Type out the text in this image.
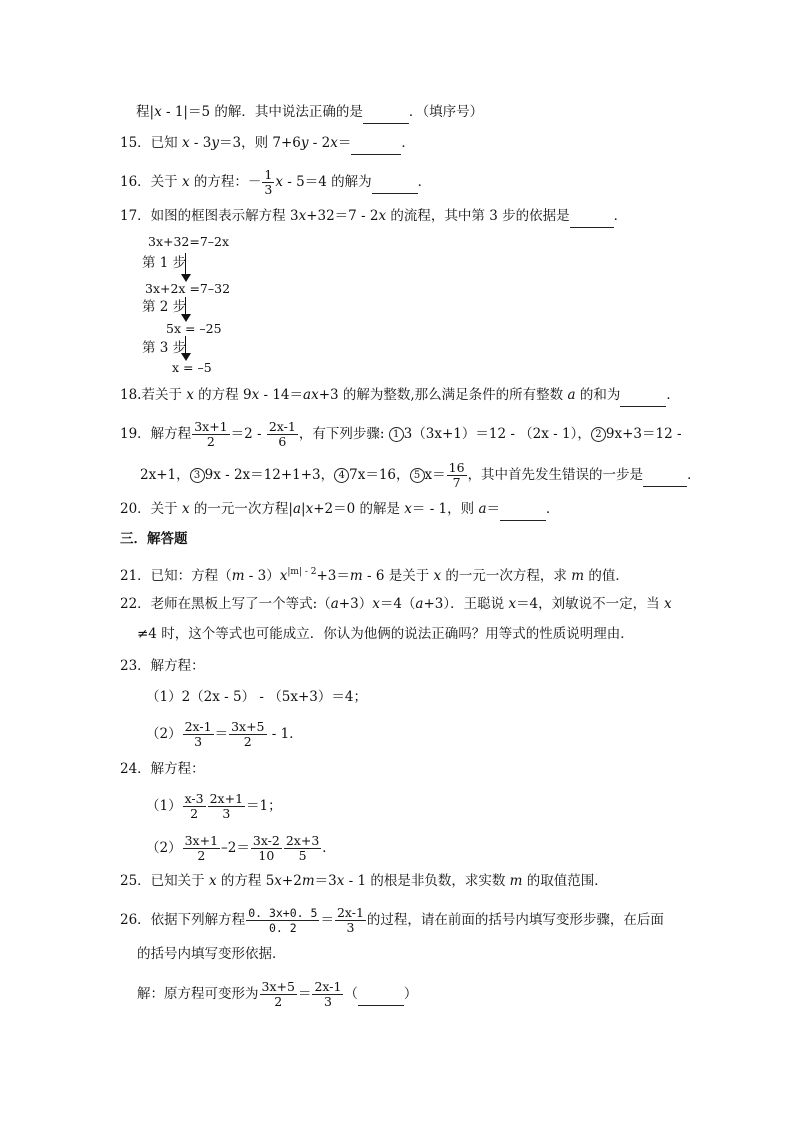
程|x - 1|＝5 的解．其中说法正确的是	．（填序号）
15．已知 x - 3y＝3，则 7+6y - 2x＝	．
16．关于 x 的方程：－ $\frac{1}{3}$ x - 5＝4 的解为	．
17．如图的框图表示解方程 3x+32＝7 - 2x 的流程，其中第 3 步的依据是	．
3x+32=7–2x
第 1 步
3x+2x =7–32
第 2 步
5x = –25
第 3 步
x = –5
18.若关于 x 的方程 9x - 14＝ax+3 的解为整数,那么满足条件的所有整数 a 的和为	．
19．解方程 $\frac{3x+1}{2} =2 - \frac{2x-1}{6}$ ，有下列步骤: 1 3（3x+1）＝12 - （2x - 1）， 2 9x+3＝12 -
2x+1， 3 9x - 2x＝12+1+3， 4 7x＝16， 5 $x= \frac{16}{7}$ ，其中首先发生错误的一步是	．
20．关于 x 的一元一次方程|a|x+2＝0 的解是 x＝ - 1，则 a＝	．
三．解答题
21．已知：方程$(m - 3)x^{|m| - 2}+3=m - 6$ 是关于 x 的一元一次方程，求 m 的值．
22．老师在黑板上写了一个等式:（a+3）x＝4（a+3）．王聪说 x＝4，刘敏说不一定，当 x
≠4 时，这个等式也可能成立．你认为他俩的说法正确吗？用等式的性质说明理由．
23．解方程：
（1）2（2x - 5） - （5x+3）＝4；
$(2) \frac{2x-1}{3} = \frac{3x+5}{2} - 1$．
24．解方程：
$(1) \frac{x-3}{2} \frac{2x+1}{3} =1$；
$(2) \frac{3x+1}{2} -2= \frac{3x-2}{10} \frac{2x+3}{5}$ ．
25．已知关于 x 的方程 5x+2m＝3x - 1 的根是非负数，求实数 m 的取值范围．
26．依据下列解方程 $\frac{0. 3x+0. 5}{0. 2} = \frac{2x-1}{3}$ 的过程，请在前面的括号内填写变形步骤，在后面
的括号内填写变形依据．
解：原方程可变形为 $\frac{3x+5}{2} = \frac{2x-1}{3}$ （	）
